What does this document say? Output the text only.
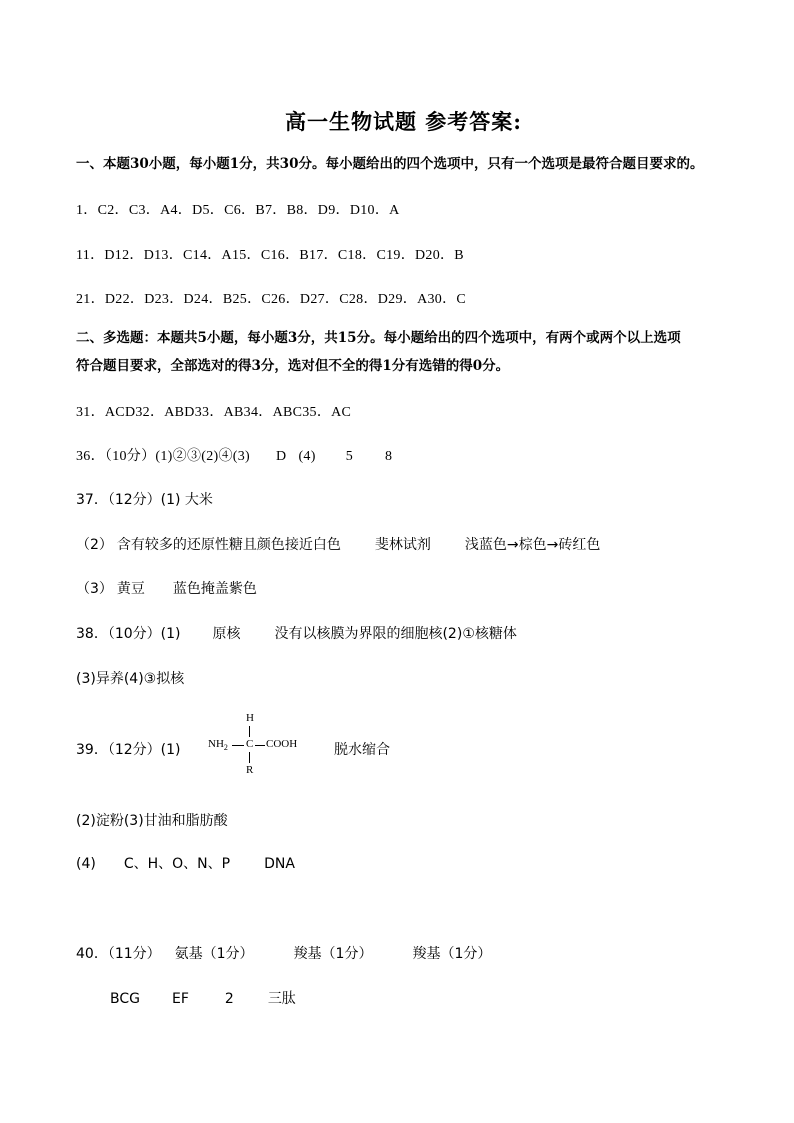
高一生物试题 参考答案:
一、本题30小题，每小题1分，共30分。每小题给出的四个选项中，只有一个选项是最符合题目要求的。
1．C2．C3．A4．D5．C6．B7．B8．D9．D10．A
11．D12．D13．C14．A15．C16．B17．C18．C19．D20．B
21．D22．D23．D24．B25．C26．D27．C28．D29．A30．C
二、多选题：本题共5小题，每小题3分，共15分。每小题给出的四个选项中，有两个或两个以上选项
符合题目要求，全部选对的得3分，选对但不全的得1分有选错的得0分。
31．ACD32．ABD33．AB34．ABC35．AC
36．（10分）(1)②③(2)④(3) D (4) 5 8
37．（12分）(1) 大米
（2） 含有较多的还原性糖且颜色接近白色 斐林试剂 浅蓝色→棕色→砖红色
（3） 黄豆 蓝色掩盖紫色
38．（10分）(1) 原核 没有以核膜为界限的细胞核(2)①核糖体
(3)异养(4)③拟核
39．（12分）(1)
H
$NH_2$ C COOH
R
脱水缩合
(2)淀粉(3)甘油和脂肪酸
(4) C、H、O、N、P DNA
40．（11分） 氨基（1分）	羧基（1分）	羧基（1分）
BCG EF	2 三肽
